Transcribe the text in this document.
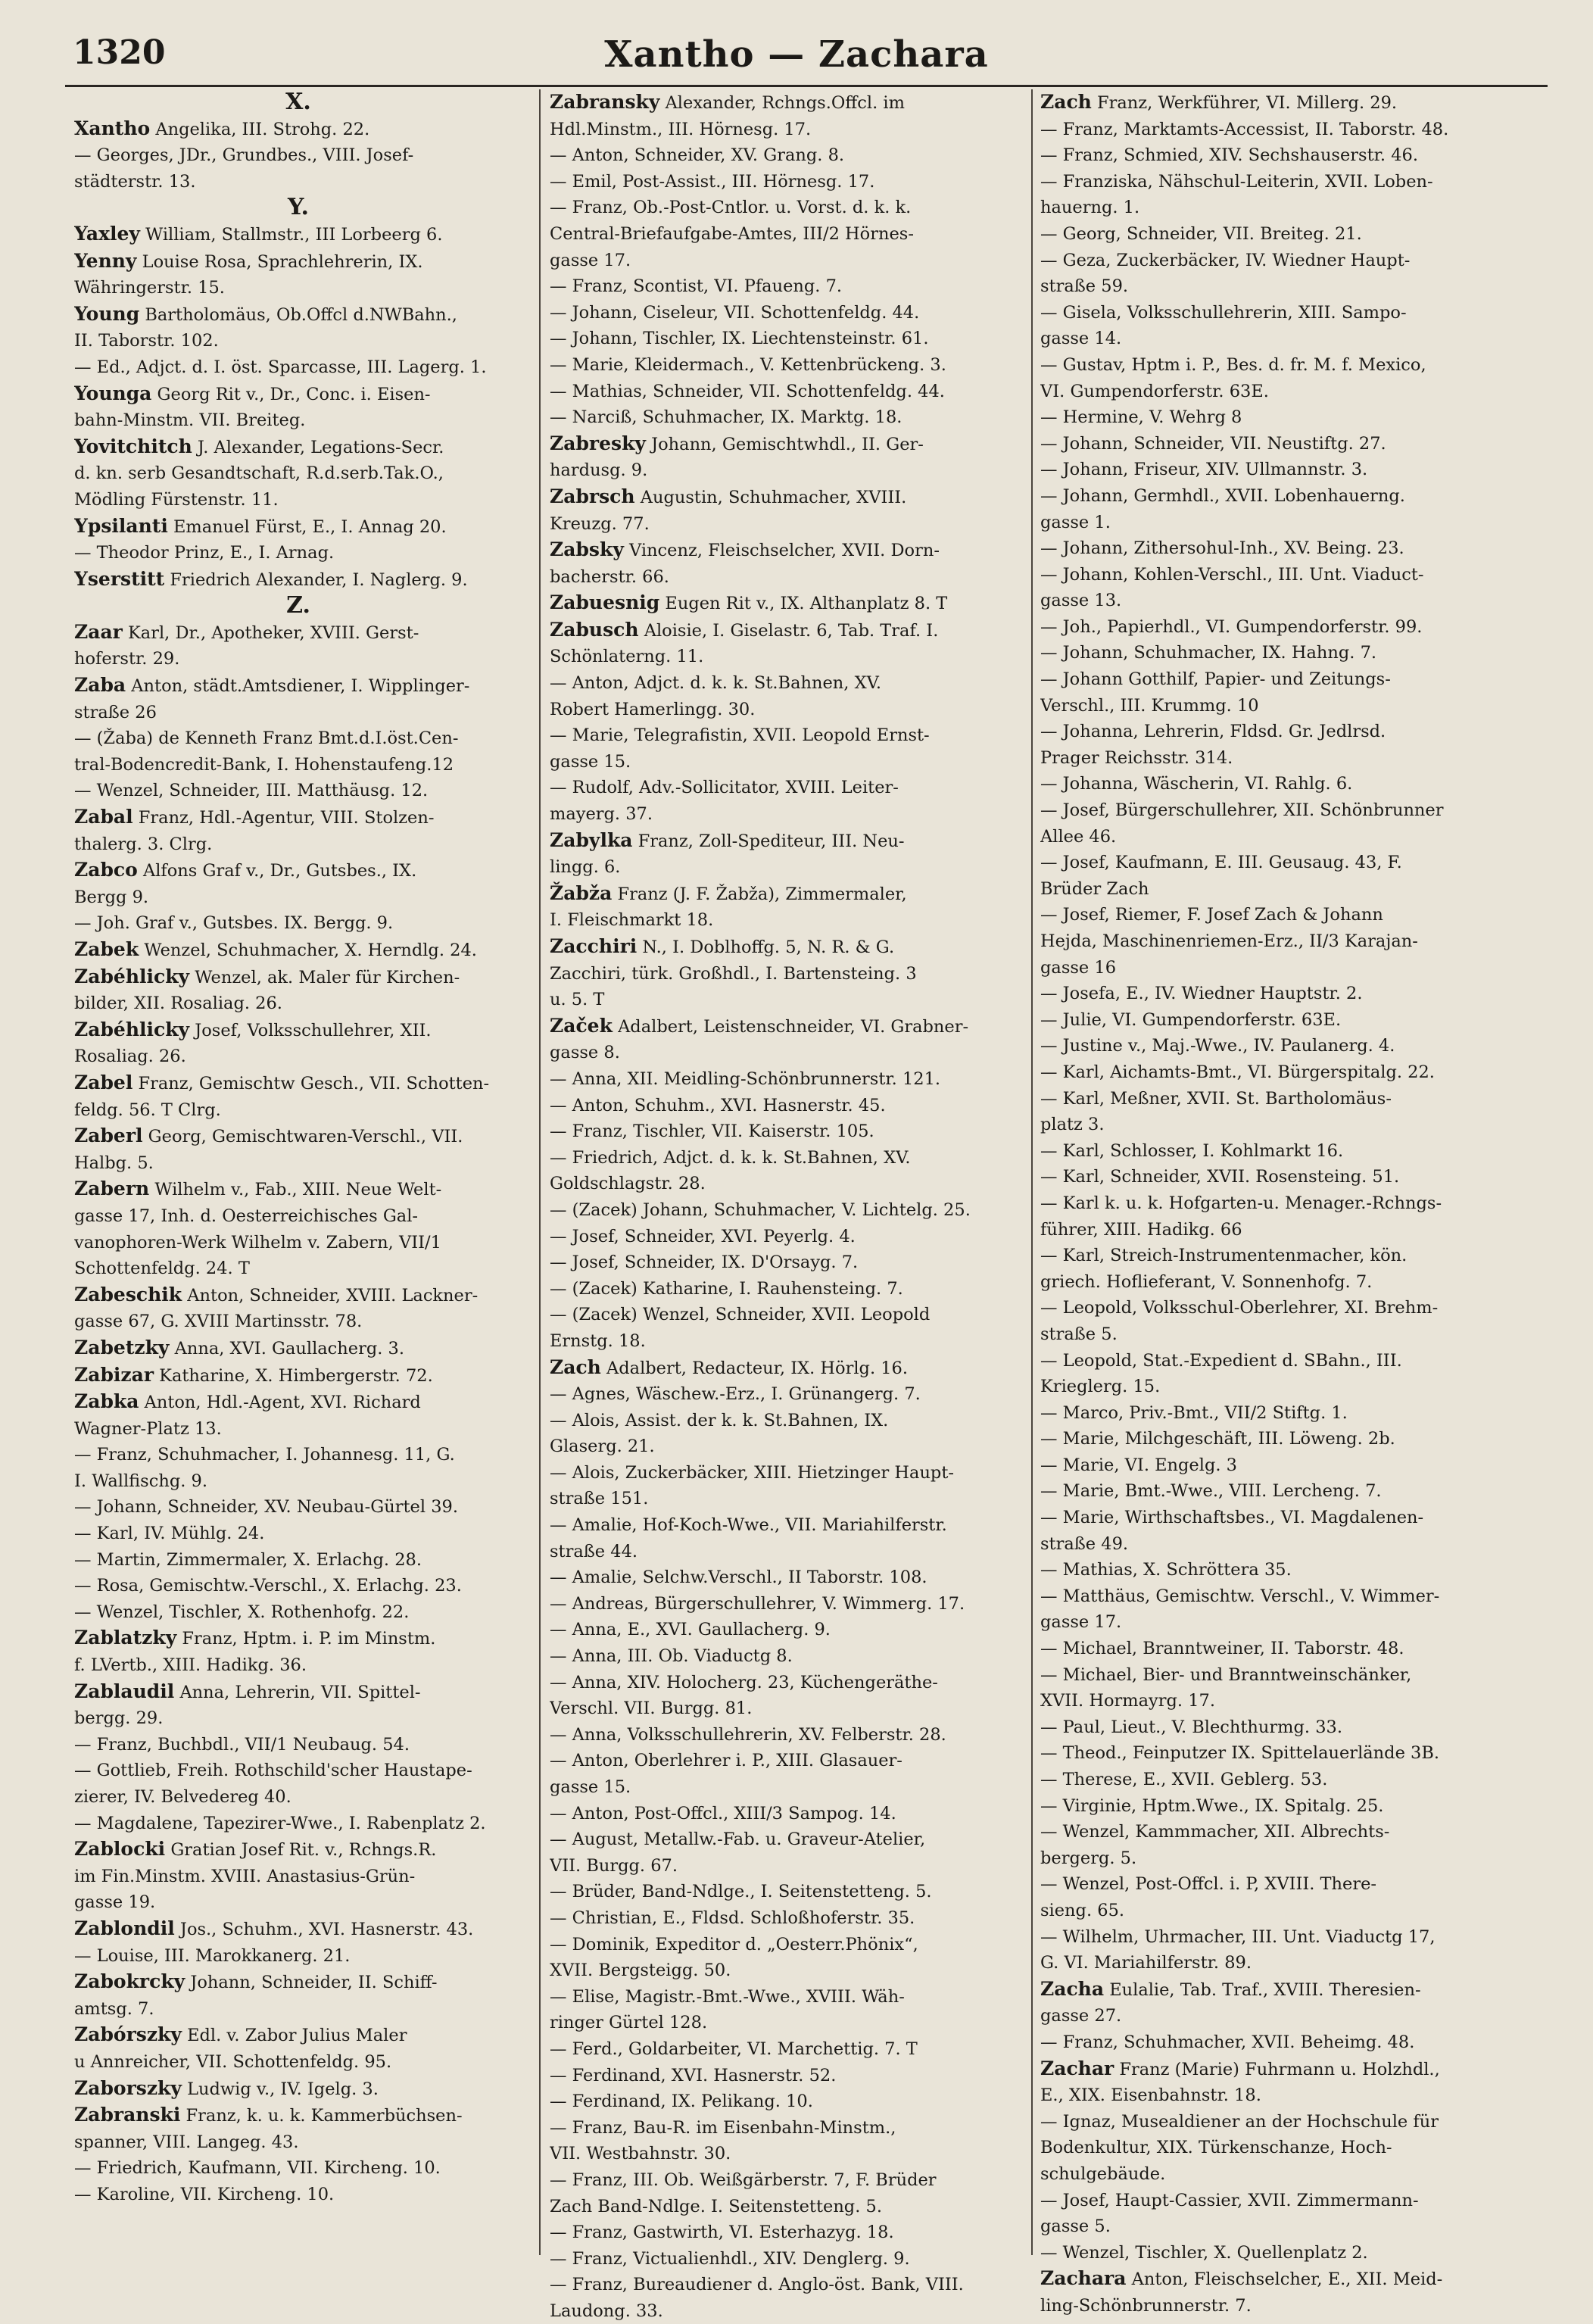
1320	Xantho — Zachara
X.
Xantho Angelika, III. Strohg. 22.
— Georges, JDr., Grundbes., VIII. Josef-
städterstr. 13.
Y.
Yaxley William, Stallmstr., III Lorbeerg 6.
Yenny Louise Rosa, Sprachlehrerin, IX.
Währingerstr. 15.
Young Bartholomäus, Ob.Offcl d.NWBahn.,
II. Taborstr. 102.
— Ed., Adjct. d. I. öst. Sparcasse, III. Lagerg. 1.
Younga Georg Rit v., Dr., Conc. i. Eisen-
bahn-Minstm. VII. Breiteg.
Yovitchitch J. Alexander, Legations-Secr.
d. kn. serb Gesandtschaft, R.d.serb.Tak.O.,
Mödling Fürstenstr. 11.
Ypsilanti Emanuel Fürst, E., I. Annag 20.
— Theodor Prinz, E., I. Arnag.
Yserstitt Friedrich Alexander, I. Naglerg. 9.
Z.
Zaar Karl, Dr., Apotheker, XVIII. Gerst-
hoferstr. 29.
Zaba Anton, städt.Amtsdiener, I. Wipplinger-
straße 26
— (Žaba) de Kenneth Franz Bmt.d.I.öst.Cen-
tral-Bodencredit-Bank, I. Hohenstaufeng.12
— Wenzel, Schneider, III. Matthäusg. 12.
Zabal Franz, Hdl.-Agentur, VIII. Stolzen-
thalerg. 3. Clrg.
Zabco Alfons Graf v., Dr., Gutsbes., IX.
Bergg 9.
— Joh. Graf v., Gutsbes. IX. Bergg. 9.
Zabek Wenzel, Schuhmacher, X. Herndlg. 24.
Zabéhlicky Wenzel, ak. Maler für Kirchen-
bilder, XII. Rosaliag. 26.
Zabéhlicky Josef, Volksschullehrer, XII.
Rosaliag. 26.
Zabel Franz, Gemischtw Gesch., VII. Schotten-
feldg. 56. T Clrg.
Zaberl Georg, Gemischtwaren-Verschl., VII.
Halbg. 5.
Zabern Wilhelm v., Fab., XIII. Neue Welt-
gasse 17, Inh. d. Oesterreichisches Gal-
vanophoren-Werk Wilhelm v. Zabern, VII/1
Schottenfeldg. 24. T
Zabeschik Anton, Schneider, XVIII. Lackner-
gasse 67, G. XVIII Martinsstr. 78.
Zabetzky Anna, XVI. Gaullacherg. 3.
Zabizar Katharine, X. Himbergerstr. 72.
Zabka Anton, Hdl.-Agent, XVI. Richard
Wagner-Platz 13.
— Franz, Schuhmacher, I. Johannesg. 11, G.
I. Wallfischg. 9.
— Johann, Schneider, XV. Neubau-Gürtel 39.
— Karl, IV. Mühlg. 24.
— Martin, Zimmermaler, X. Erlachg. 28.
— Rosa, Gemischtw.-Verschl., X. Erlachg. 23.
— Wenzel, Tischler, X. Rothenhofg. 22.
Zablatzky Franz, Hptm. i. P. im Minstm.
f. LVertb., XIII. Hadikg. 36.
Zablaudil Anna, Lehrerin, VII. Spittel-
bergg. 29.
— Franz, Buchbdl., VII/1 Neubaug. 54.
— Gottlieb, Freih. Rothschild'scher Haustape-
zierer, IV. Belvedereg 40.
— Magdalene, Tapezirer-Wwe., I. Rabenplatz 2.
Zablocki Gratian Josef Rit. v., Rchngs.R.
im Fin.Minstm. XVIII. Anastasius-Grün-
gasse 19.
Zablondil Jos., Schuhm., XVI. Hasnerstr. 43.
— Louise, III. Marokkanerg. 21.
Zabokrcky Johann, Schneider, II. Schiff-
amtsg. 7.
Zabórszky Edl. v. Zabor Julius Maler
u Annreicher, VII. Schottenfeldg. 95.
Zaborszky Ludwig v., IV. Igelg. 3.
Zabranski Franz, k. u. k. Kammerbüchsen-
spanner, VIII. Langeg. 43.
— Friedrich, Kaufmann, VII. Kircheng. 10.
— Karoline, VII. Kircheng. 10.
Zabransky Alexander, Rchngs.Offcl. im
Hdl.Minstm., III. Hörnesg. 17.
— Anton, Schneider, XV. Grang. 8.
— Emil, Post-Assist., III. Hörnesg. 17.
— Franz, Ob.-Post-Cntlor. u. Vorst. d. k. k.
Central-Briefaufgabe-Amtes, III/2 Hörnes-
gasse 17.
— Franz, Scontist, VI. Pfaueng. 7.
— Johann, Ciseleur, VII. Schottenfeldg. 44.
— Johann, Tischler, IX. Liechtensteinstr. 61.
— Marie, Kleidermach., V. Kettenbrückeng. 3.
— Mathias, Schneider, VII. Schottenfeldg. 44.
— Narciß, Schuhmacher, IX. Marktg. 18.
Zabresky Johann, Gemischtwhdl., II. Ger-
hardusg. 9.
Zabrsch Augustin, Schuhmacher, XVIII.
Kreuzg. 77.
Zabsky Vincenz, Fleischselcher, XVII. Dorn-
bacherstr. 66.
Zabuesnig Eugen Rit v., IX. Althanplatz 8. T
Zabusch Aloisie, I. Giselastr. 6, Tab. Traf. I.
Schönlaterng. 11.
— Anton, Adjct. d. k. k. St.Bahnen, XV.
Robert Hamerlingg. 30.
— Marie, Telegrafistin, XVII. Leopold Ernst-
gasse 15.
— Rudolf, Adv.-Sollicitator, XVIII. Leiter-
mayerg. 37.
Zabylka Franz, Zoll-Spediteur, III. Neu-
lingg. 6.
Žabža Franz (J. F. Žabža), Zimmermaler,
I. Fleischmarkt 18.
Zacchiri N., I. Doblhoffg. 5, N. R. & G.
Zacchiri, türk. Großhdl., I. Bartensteing. 3
u. 5. T
Začek Adalbert, Leistenschneider, VI. Grabner-
gasse 8.
— Anna, XII. Meidling-Schönbrunnerstr. 121.
— Anton, Schuhm., XVI. Hasnerstr. 45.
— Franz, Tischler, VII. Kaiserstr. 105.
— Friedrich, Adjct. d. k. k. St.Bahnen, XV.
Goldschlagstr. 28.
— (Zacek) Johann, Schuhmacher, V. Lichtelg. 25.
— Josef, Schneider, XVI. Peyerlg. 4.
— Josef, Schneider, IX. D'Orsayg. 7.
— (Zacek) Katharine, I. Rauhensteing. 7.
— (Zacek) Wenzel, Schneider, XVII. Leopold
Ernstg. 18.
Zach Adalbert, Redacteur, IX. Hörlg. 16.
— Agnes, Wäschew.-Erz., I. Grünangerg. 7.
— Alois, Assist. der k. k. St.Bahnen, IX.
Glaserg. 21.
— Alois, Zuckerbäcker, XIII. Hietzinger Haupt-
straße 151.
— Amalie, Hof-Koch-Wwe., VII. Mariahilferstr.
straße 44.
— Amalie, Selchw.Verschl., II Taborstr. 108.
— Andreas, Bürgerschullehrer, V. Wimmerg. 17.
— Anna, E., XVI. Gaullacherg. 9.
— Anna, III. Ob. Viaductg 8.
— Anna, XIV. Holocherg. 23, Küchengeräthe-
Verschl. VII. Burgg. 81.
— Anna, Volksschullehrerin, XV. Felberstr. 28.
— Anton, Oberlehrer i. P., XIII. Glasauer-
gasse 15.
— Anton, Post-Offcl., XIII/3 Sampog. 14.
— August, Metallw.-Fab. u. Graveur-Atelier,
VII. Burgg. 67.
— Brüder, Band-Ndlge., I. Seitenstetteng. 5.
— Christian, E., Fldsd. Schloßhoferstr. 35.
— Dominik, Expeditor d. „Oesterr.Phönix“,
XVII. Bergsteigg. 50.
— Elise, Magistr.-Bmt.-Wwe., XVIII. Wäh-
ringer Gürtel 128.
— Ferd., Goldarbeiter, VI. Marchettig. 7. T
— Ferdinand, XVI. Hasnerstr. 52.
— Ferdinand, IX. Pelikang. 10.
— Franz, Bau-R. im Eisenbahn-Minstm.,
VII. Westbahnstr. 30.
— Franz, III. Ob. Weißgärberstr. 7, F. Brüder
Zach Band-Ndlge. I. Seitenstetteng. 5.
— Franz, Gastwirth, VI. Esterhazyg. 18.
— Franz, Victualienhdl., XIV. Denglerg. 9.
— Franz, Bureaudiener d. Anglo-öst. Bank, VIII.
Laudong. 33.
Zach Franz, Werkführer, VI. Millerg. 29.
— Franz, Marktamts-Accessist, II. Taborstr. 48.
— Franz, Schmied, XIV. Sechshauserstr. 46.
— Franziska, Nähschul-Leiterin, XVII. Loben-
hauerng. 1.
— Georg, Schneider, VII. Breiteg. 21.
— Geza, Zuckerbäcker, IV. Wiedner Haupt-
straße 59.
— Gisela, Volksschullehrerin, XIII. Sampo-
gasse 14.
— Gustav, Hptm i. P., Bes. d. fr. M. f. Mexico,
VI. Gumpendorferstr. 63E.
— Hermine, V. Wehrg 8
— Johann, Schneider, VII. Neustiftg. 27.
— Johann, Friseur, XIV. Ullmannstr. 3.
— Johann, Germhdl., XVII. Lobenhauerng.
gasse 1.
— Johann, Zithersohul-Inh., XV. Being. 23.
— Johann, Kohlen-Verschl., III. Unt. Viaduct-
gasse 13.
— Joh., Papierhdl., VI. Gumpendorferstr. 99.
— Johann, Schuhmacher, IX. Hahng. 7.
— Johann Gotthilf, Papier- und Zeitungs-
Verschl., III. Krummg. 10
— Johanna, Lehrerin, Fldsd. Gr. Jedlrsd.
Prager Reichsstr. 314.
— Johanna, Wäscherin, VI. Rahlg. 6.
— Josef, Bürgerschullehrer, XII. Schönbrunner
Allee 46.
— Josef, Kaufmann, E. III. Geusaug. 43, F.
Brüder Zach
— Josef, Riemer, F. Josef Zach & Johann
Hejda, Maschinenriemen-Erz., II/3 Karajan-
gasse 16
— Josefa, E., IV. Wiedner Hauptstr. 2.
— Julie, VI. Gumpendorferstr. 63E.
— Justine v., Maj.-Wwe., IV. Paulanerg. 4.
— Karl, Aichamts-Bmt., VI. Bürgerspitalg. 22.
— Karl, Meßner, XVII. St. Bartholomäus-
platz 3.
— Karl, Schlosser, I. Kohlmarkt 16.
— Karl, Schneider, XVII. Rosensteing. 51.
— Karl k. u. k. Hofgarten-u. Menager.-Rchngs-
führer, XIII. Hadikg. 66
— Karl, Streich-Instrumentenmacher, kön.
griech. Hoflieferant, V. Sonnenhofg. 7.
— Leopold, Volksschul-Oberlehrer, XI. Brehm-
straße 5.
— Leopold, Stat.-Expedient d. SBahn., III.
Krieglerg. 15.
— Marco, Priv.-Bmt., VII/2 Stiftg. 1.
— Marie, Milchgeschäft, III. Löweng. 2b.
— Marie, VI. Engelg. 3
— Marie, Bmt.-Wwe., VIII. Lercheng. 7.
— Marie, Wirthschaftsbes., VI. Magdalenen-
straße 49.
— Mathias, X. Schröttera 35.
— Matthäus, Gemischtw. Verschl., V. Wimmer-
gasse 17.
— Michael, Branntweiner, II. Taborstr. 48.
— Michael, Bier- und Branntweinschänker,
XVII. Hormayrg. 17.
— Paul, Lieut., V. Blechthurmg. 33.
— Theod., Feinputzer IX. Spittelauerlände 3B.
— Therese, E., XVII. Geblerg. 53.
— Virginie, Hptm.Wwe., IX. Spitalg. 25.
— Wenzel, Kammmacher, XII. Albrechts-
bergerg. 5.
— Wenzel, Post-Offcl. i. P, XVIII. There-
sieng. 65.
— Wilhelm, Uhrmacher, III. Unt. Viaductg 17,
G. VI. Mariahilferstr. 89.
Zacha Eulalie, Tab. Traf., XVIII. Theresien-
gasse 27.
— Franz, Schuhmacher, XVII. Beheimg. 48.
Zachar Franz (Marie) Fuhrmann u. Holzhdl.,
E., XIX. Eisenbahnstr. 18.
— Ignaz, Musealdiener an der Hochschule für
Bodenkultur, XIX. Türkenschanze, Hoch-
schulgebäude.
— Josef, Haupt-Cassier, XVII. Zimmermann-
gasse 5.
— Wenzel, Tischler, X. Quellenplatz 2.
Zachara Anton, Fleischselcher, E., XII. Meid-
ling-Schönbrunnerstr. 7.
